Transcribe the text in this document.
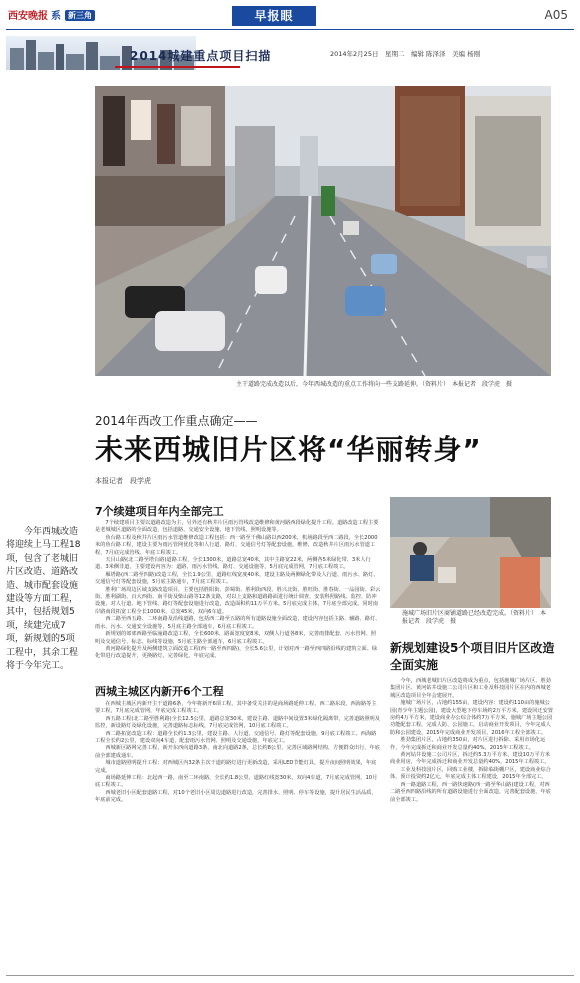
西安晚报 系 新三角	早报眼	A05
2014年2月25日　星期二　编辑 陈泽泽　美编 杨刚
2014城建重点项目扫描
主干道路完成改造以后，今年西城改造的重点工作将向一些支路延伸。（资料片）　本报记者　段学虎　摄
2014年西改工作重点确定——
未来西城旧片区将“华丽转身”
本报记者　段学虎
今年西城改造将迎续上马工程18项，包含了老城旧片区改造、道路改造、城市配套设施建设等方面工程，其中，包括规划5项，续建完成7项，新规划的5项工程中，其余工程将于今年完工。
7个续建项目年内全部完工

7个续建项目主要以道路改造为主，另外还有秋井片区雨污管线改造维修和黄河路西段绿化提升工程。道路改造工程主要是老城城区道路的全面改造，包括道路、交通安全设施、地下管线、照明设施等。

鱼台路工程及秋井片区雨污水管道维修改造工程包括：西一路至千佛山路以西200米，机场路段至西二路段，全长2000米的鱼台路工程，建设主要为雨污管网优化等和人行道、路灯、交通信号灯等配套设施，维修，改造秋井片区雨污水管道工程，7月底完成管线、年底工程竣工。

天目山路(北二路至塔台路)道路工程，全长1300米，道路总宽40米，其中主路宽22米，两侧各5米绿化带、3米人行道、3米侧非道，主要建设内容为：道路、雨污水管线、路灯、交通设施等，5月底完成管网，7月底工程竣工。

雁塔路(西二路至四路)改造工程，全长1.9公里，道路红线宽度40米，建设主路及两侧绿化带及人行道、雨污水、路灯、交通信号灯等配套设施，5月底主路通车，7月底工程竣工。

胜利广场周边区域支路改造项目，主要包括胜阳街、彭蜀街、胜利街西段、胜兴北街、胜旺街、胜春街、一品园街、彩云街、胜利湖街、百大西街、南平街及柴山路等12条支路，对以上支路和道路路面进行统计调查，安装科照路线、监控、防冲设施、对人行道、地下管线、路灯等配套设施进行改造，改造面积约11万平方米。5月底完成主体，7月底全部完成。同时南岸路南段拓宽工程全长1000米，总宽45米，双向6车道。

西二路至西五路、二环南路及沿线道路，包括西二路至五路的所有道路设施全面改造，建设内容包括主路、辅路、路灯、雨水、污水、交通安全设施等，5月底主路全部通车，6月底工程竣工。

新规划的郊郊西路至临潼路改造工程，全长600米，路面宽度宽8米，双侧人行道各8米，完善雨排配套、污水管网、照明及交通信号、标志、标线等设施，5月底主路全部通车，6月底工程竣工。

黄河路绿化提升及两侧建筑立面改造工程(西一路至西四路)，全长5.6公里，计划对西一路至西四路沿线的建筑立面、绿化带进行改造提升，更换路灯，完善绿化，年底完成。

西城主城区内新开6个工程

在西城主城区内新开主干道路6条，今年将新开6项工程，其中备受关注的是商场路延伸工程、西二路东段、西海路等主要工程，7月底完成管网，年底完成工程竣工。

西五路工程(北二路至胜利路)全长12.5公里，道路总宽30米，建设主路、道路中间设置3米绿化隔离带，完善道路照明及监控，新设路灯及绿化设施，完善道路标志标线，7月底完成管网，10月底工程竣工。

西二路拓宽改造工程：道路全长约1.3公里，建设主路、人行道、交通信号、路灯等配套设施，9月底工程竣工。西海路工程全长约2公里，建设双向4车道，配套雨污水管网、照明及交通设施，年底完工。

西城新区路网完善工程，新开东西向道路3条，南北向道路2条，总长约8公里，完善区域路网结构，方便群众出行，年底前全部建成通车。

城市道路照明提升工程：对西城区内32条主次干道的路灯进行更新改造，采用LED节能灯具，提升夜间照明效果，年底完成。

商场路延伸工程：北起西一路，南至二环南路，全长约1.8公里，道路红线宽30米，双向4车道，7月底完成管网，10月底工程竣工。

西城老旧小区配套道路工程，对10个老旧小区周边道路进行改造，完善排水、照明、停车等设施，提升居民生活品质，年底前完成。

施城广场旧片区商铺道路已经改造完成。（资料片）　本报记者　段学虎　摄
新规划建设5个项目旧片区改造全面实施

今年，西城老城旧片区改造将成为重点，包括施城广场片区、胜劲集团片区、黄河钻井设施二公司片区和工业及科技园片区在内的西城老城区改造项目全年会建展开。

施城广场片区，占地约155亩，建设内容：建设约110亩的施城公园(青少年主题公园)，建设大型地下停车场约2万平方米，建设回迁安置房约4万平方米，建设商业办公综合体约7万平方米，施城广场主题公园功能配套工程，完成人防、公园施工，启动商业开发项目，今年完成人防和公园建设，2015年完成商业开发项目，2016年工程全部竣工。

胜劲集团片区，占地约350亩，对片区进行拆除、采用市场化运作，今年完成拆迁和商业开发总量约40%，2015年工程竣工。

黄河钻井设施二公司片区，拆迁约5.3万平方米，建设10万平方米商业用房，今年完成拆迁和商业开发总量约40%，2015年工程竣工。

工业及科技园片区，回购工业楼，拆除临街棚户区，建设商业综合体，预计投资约2亿元，年底完成主体工程建设，2015年全部完工。

西一路道路工程，西一路快速路(西一路至华山路)建设工程，对西二路至西四路沿线的所有道路设施进行全面改造，完善配套设施，年底前全部竣工。
